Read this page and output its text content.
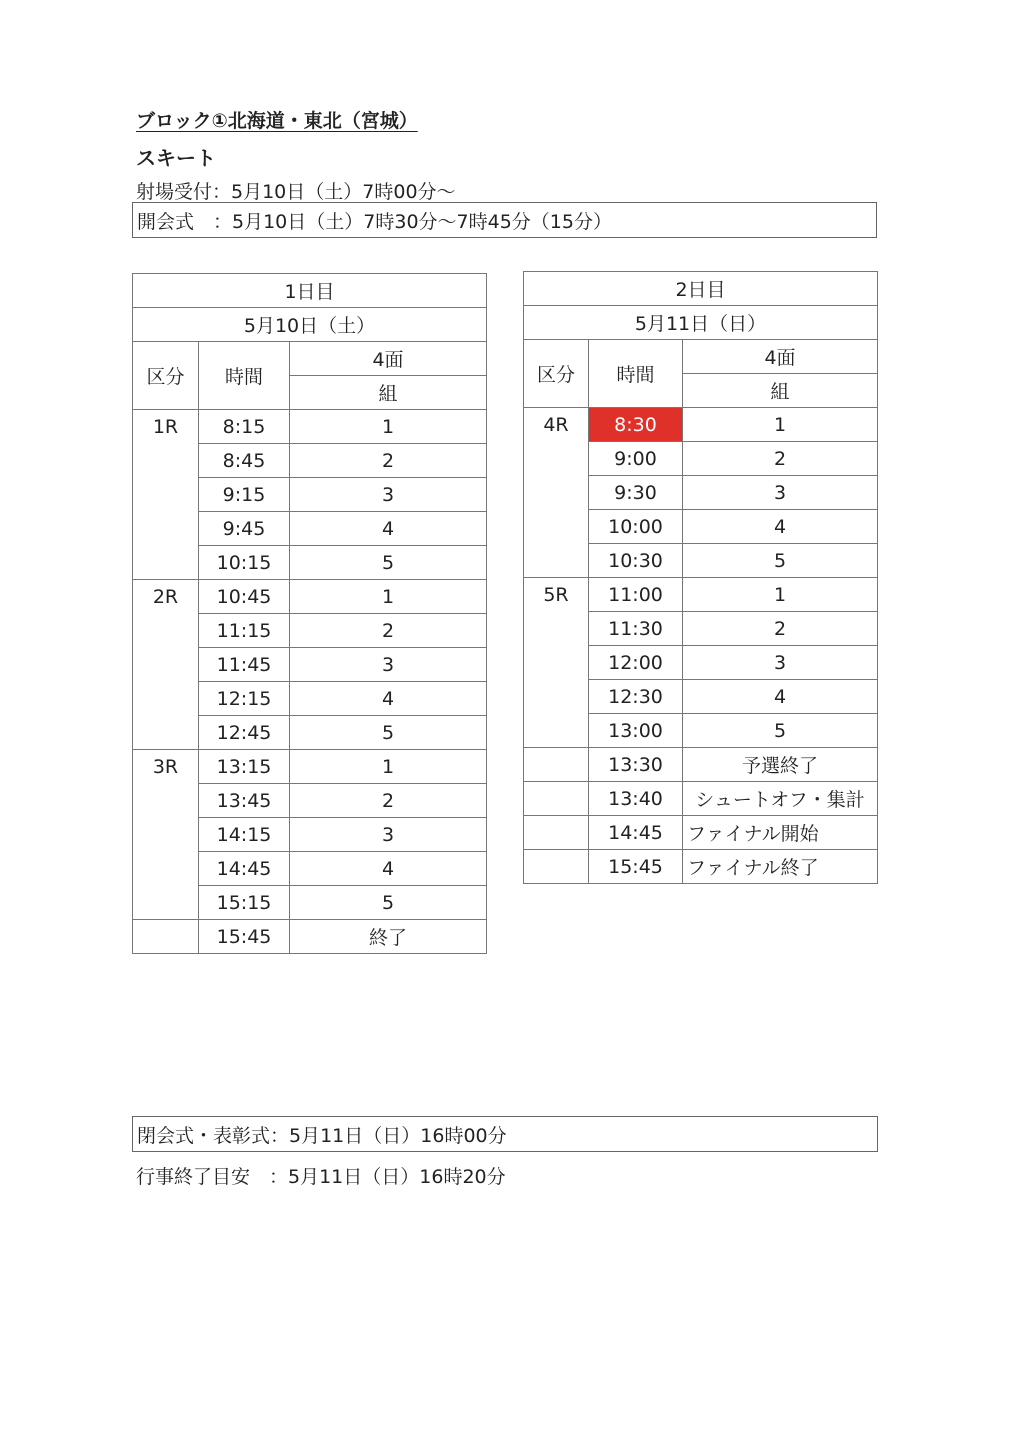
ブロック①北海道・東北（宮城）
スキート
射場受付：5月10日（土）7時00分～
開会式　：5月10日（土）7時30分～7時45分（15分）
1日目		
5月10日（土）		
区分	時間	4面
		組
1R	8:15	1
	8:45	2
	9:15	3
	9:45	4
	10:15	5
2R	10:45	1
	11:15	2
	11:45	3
	12:15	4
	12:45	5
3R	13:15	1
	13:45	2
	14:15	3
	14:45	4
	15:15	5
	15:45	終了
2日目		
5月11日（日）		
区分	時間	4面
		組
4R	8:30	1
	9:00	2
	9:30	3
	10:00	4
	10:30	5
5R	11:00	1
	11:30	2
	12:00	3
	12:30	4
	13:00	5
	13:30	予選終了
	13:40	シュートオフ・集計
	14:45	ファイナル開始
	15:45	ファイナル終了
閉会式・表彰式：5月11日（日）16時00分
行事終了目安　：5月11日（日）16時20分
